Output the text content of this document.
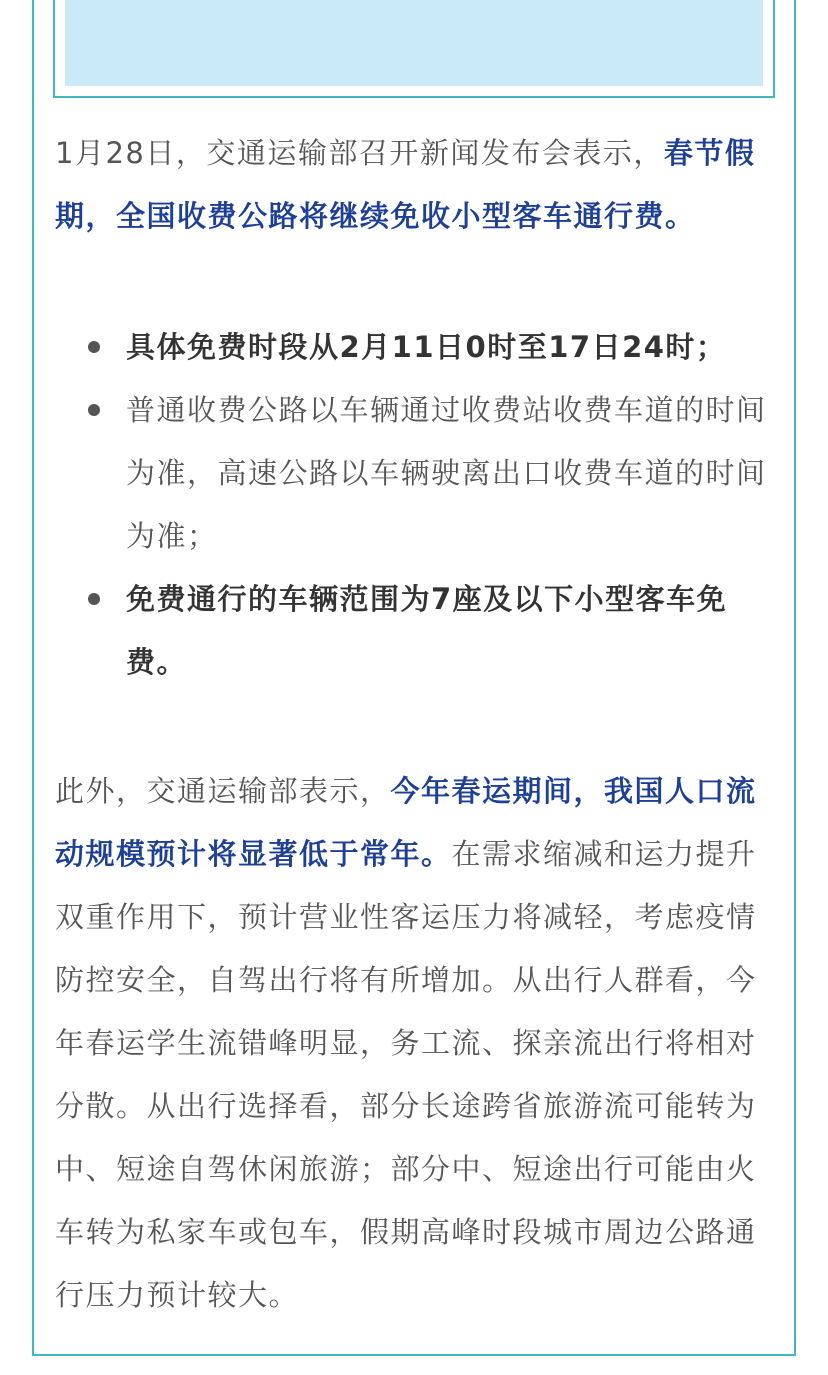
1月28日，交通运输部召开新闻发布会表示，春节假期，全国收费公路将继续免收小型客车通行费。

具体免费时段从2月11日0时至17日24时；
普通收费公路以车辆通过收费站收费车道的时间为准，高速公路以车辆驶离出口收费车道的时间为准；
免费通行的车辆范围为7座及以下小型客车免费。

此外，交通运输部表示，今年春运期间，我国人口流动规模预计将显著低于常年。在需求缩减和运力提升双重作用下，预计营业性客运压力将减轻，考虑疫情防控安全，自驾出行将有所增加。从出行人群看，今年春运学生流错峰明显，务工流、探亲流出行将相对分散。从出行选择看，部分长途跨省旅游流可能转为中、短途自驾休闲旅游；部分中、短途出行可能由火车转为私家车或包车，假期高峰时段城市周边公路通行压力预计较大。
